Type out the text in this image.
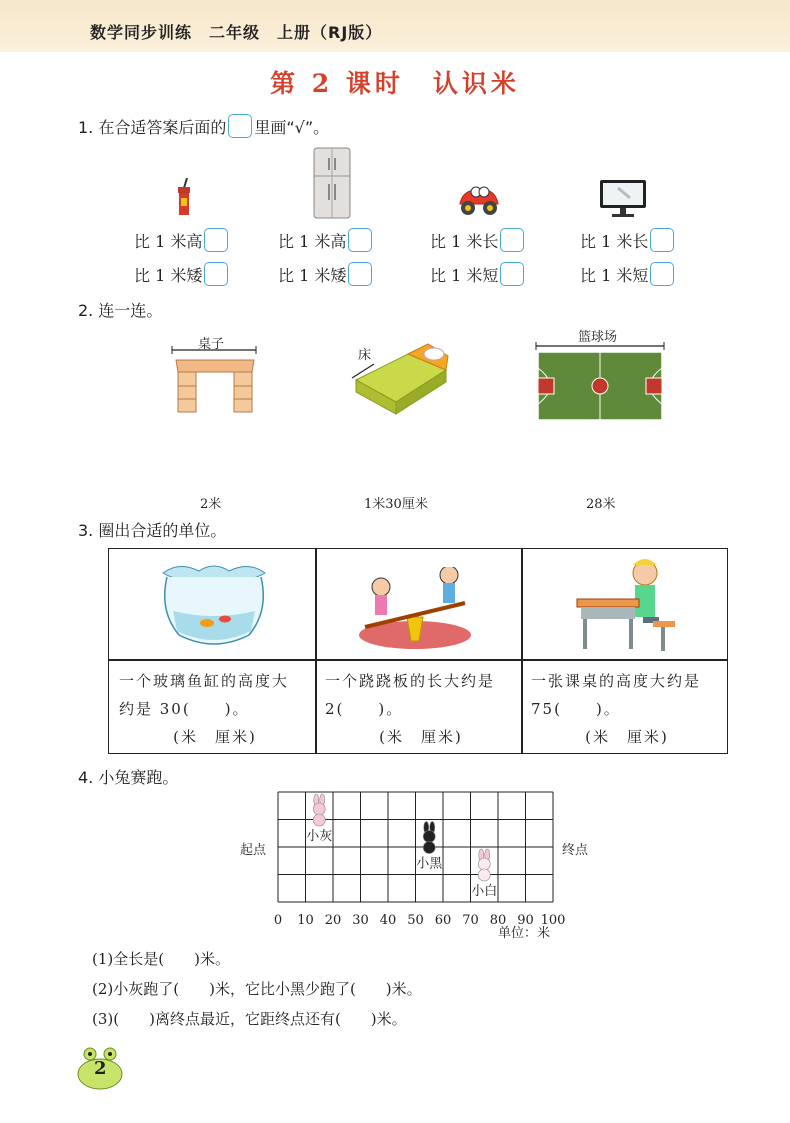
数学同步训练　二年级　上册（RJ版）
第 2 课时　认识米
1. 在合适答案后面的 里画“√”。
比 1 米高
比 1 米矮
比 1 米高
比 1 米矮
比 1 米长
比 1 米短
比 1 米长
比 1 米短
2. 连一连。
桌子
床
篮球场
2米	1米30厘米	28米
3. 圈出合适的单位。
一个玻璃鱼缸的高度大
约是 30(　　)。
(米　厘米)
一个跷跷板的长大约是
2(　　)。
(米　厘米)
一张课桌的高度大约是
75(　　)。
(米　厘米)
4. 小兔赛跑。
起点	终点
0 10 20 30 40 50 60 70 80 90 100
小灰
小黑
小白
单位：米
(1)全长是(　　)米。
(2)小灰跑了(　　)米，它比小黑少跑了(　　)米。
(3)(　　)离终点最近，它距终点还有(　　)米。
2
